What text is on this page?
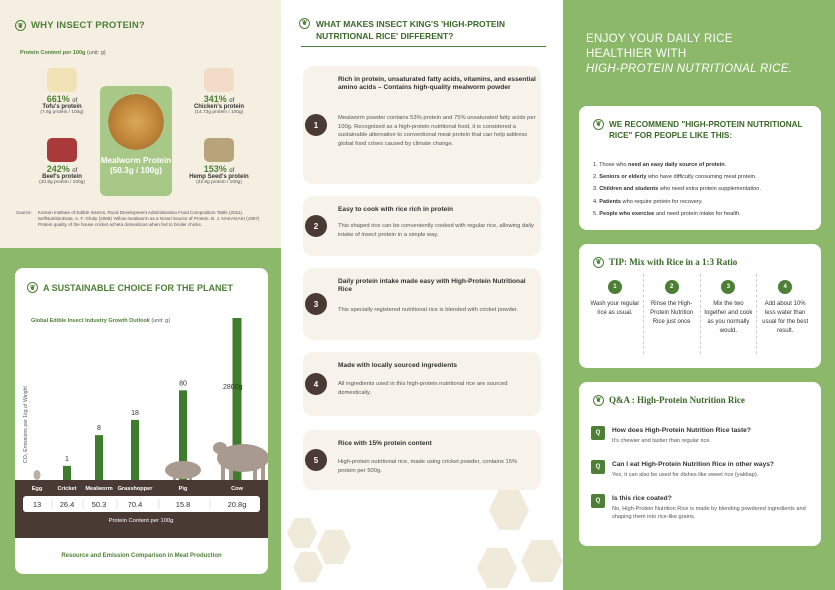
❦ WHY INSECT PROTEIN?
Protein Content per 100g (unit: g)
Mealworm Protein
(50.3g / 100g)
661% of
Tofu's protein
(7.6g protein / 100g)
341% of
Chicken's protein
(14.73g protein / 100g)
242% of
Beef's protein
(20.8g protein / 100g)
153% of
Hemp Seed's protein
(32.8g protein / 100g)
Source: Korean Institute of Edible Insects, Rural Development Administration Food Composition Table (2011). SelfNutritionData. A. F. Ghaly (2009) Yellow mealworm as a Novel Source of Protein. B. J. NAKAGAKI (1987) Protein quality of the house cricket acheta domesticus when fed to broiler chicks.
❦ A SUSTAINABLE CHOICE FOR THE PLANET
Global Edible Insect Industry Growth Outlook (unit: g)
CO₂ Emissions per 1kg of Weight	1
8
18
80
2800g
Egg	Cricket Mealworm Grasshopper	Pig	Cow
13 26.4 50.3	70.4	15.8	20.8g
Protein Content per 100g
Resource and Emission Comparison in Meat Production
❦	WHAT MAKES INSECT KING'S 'HIGH-PROTEIN NUTRITIONAL RICE' DIFFERENT?
1
Rich in protein, unsaturated fatty acids, vitamins, and essential amino acids – Contains high-quality mealworm powder
Mealworm powder contains 53% protein and 75% unsaturated fatty acids per 100g. Recognized as a high-protein nutritional food, it is considered a sustainable alternative to conventional meat protein that can help address global food crises caused by climate change.
2
Easy to cook with rice rich in protein
This shaped rice can be conveniently cooked with regular rice, allowing daily intake of insect protein in a simple way.
3
Daily protein intake made easy with High-Protein Nutritional Rice
This specially registered nutritional rice is blended with cricket powder.
4
Made with locally sourced ingredients
All ingredients used in this high-protein nutritional rice are sourced domestically.
5
Rice with 15% protein content
High-protein nutritional rice, made using cricket powder, contains 15% protein per 500g.
ENJOY YOUR DAILY RICE
HEALTHIER WITH
HIGH-PROTEIN NUTRITIONAL RICE.
❦ WE RECOMMEND "HIGH-PROTEIN NUTRITIONAL RICE" FOR PEOPLE LIKE THIS:
1. Those who need an easy daily source of protein.
2. Seniors or elderly who have difficulty consuming meat protein.
3. Children and students who need extra protein supplementation.
4. Patients who require protein for recovery.
5. People who exercise and need protein intake for health.
❦ TIP: Mix with Rice in a 1:3 Ratio
1
Wash your regular rice as usual.
2
Rinse the High-Protein Nutrition Rice just once
3
Mix the two together and cook as you normally would.
4
Add about 10% less water than usual for the best result.
❦ Q&A : High-Protein Nutrition Rice
Q	How does High-Protein Nutrition Rice taste?
It's chewier and tastier than regular rice.
Q	Can I eat High-Protein Nutrition Rice in other ways?
Yes, it can also be used for dishes like sweet rice (yakbap).
Q	Is this rice coated?
No, High-Protein Nutrition Rice is made by blending powdered ingredients and shaping them into rice-like grains.
